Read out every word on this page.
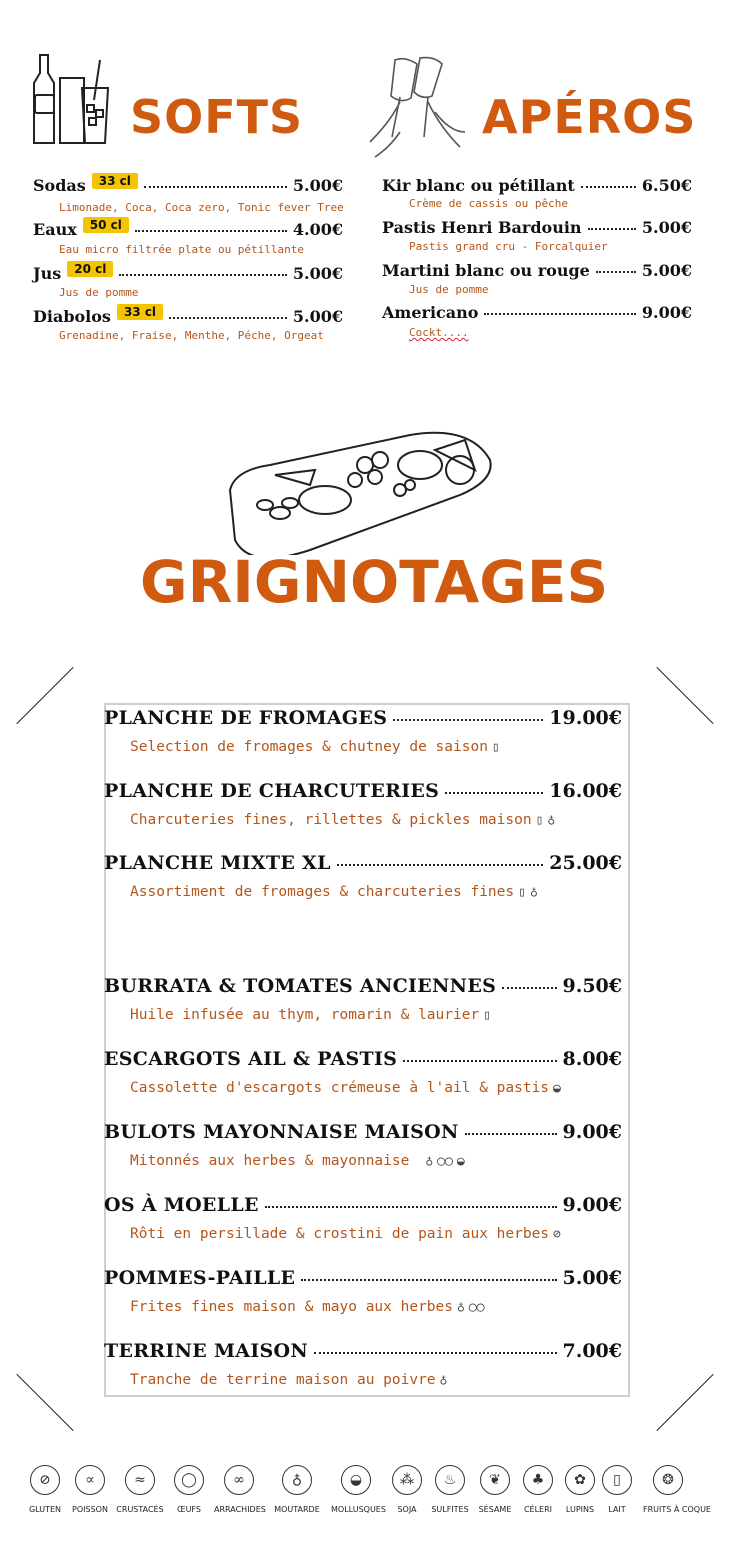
SOFTS	APÉROS
Sodas	33 cl	5.00€
Limonade, Coca, Coca zero, Tonic fever Tree
Eaux	50 cl	4.00€
Eau micro filtrée plate ou pétillante
Jus	20 cl	5.00€
Jus de pomme
Diabolos	33 cl	5.00€
Grenadine, Fraise, Menthe, Péche, Orgeat
Kir blanc ou pétillant	6.50€
Crème de cassis ou pêche
Pastis Henri Bardouin	5.00€
Pastis grand cru - Forcalquier
Martini blanc ou rouge	5.00€
Jus de pomme
Americano	9.00€
Cockt....
GRIGNOTAGES
PLANCHE DE FROMAGES	19.00€
Selection de fromages & chutney de saison ▯
PLANCHE DE CHARCUTERIES	16.00€
Charcuteries fines, rillettes & pickles maison ▯ ♁
PLANCHE MIXTE XL	25.00€
Assortiment de fromages & charcuteries fines ▯ ♁
BURRATA & TOMATES ANCIENNES	9.50€
Huile infusée au thym, romarin & laurier ▯
ESCARGOTS AIL & PASTIS	8.00€
Cassolette d'escargots crémeuse à l'ail & pastis ◒
BULOTS MAYONNAISE MAISON	9.00€
Mitonnés aux herbes & mayonnaise ♁ ◯◯ ◒
OS À MOELLE	9.00€
Rôti en persillade & crostini de pain aux herbes ⊘
POMMES-PAILLE	5.00€
Frites fines maison & mayo aux herbes ♁ ◯◯
TERRINE MAISON	7.00€
Tranche de terrine maison au poivre ♁
⊘
GLUTEN
∝
POISSON
≈
CRUSTACÉS
◯
ŒUFS
∞
ARRACHIDES
♁
MOUTARDE
◒
MOLLUSQUES
⁂
SOJA
♨
SULFITES
❦
SÉSAME
♣
CÉLERI
✿
LUPINS
▯
LAIT
❂
FRUITS À COQUE
